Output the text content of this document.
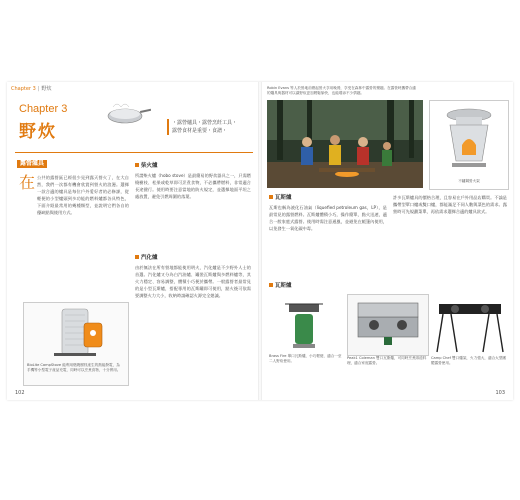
Chapter 3 | 野炊
Chapter 3
野炊	・露營爐具・露營烹飪工具・
露營食材是重要・食譜・
露營爐具
在 公共的露營區已經很少見到露天營火了，在大自然，我們一次都有機會欣賞到營火的浪漫。選擇一款合適的爐具是每位戶外愛好者的必修課，從輕便的小型爐頭到多功能的燃料爐都各具特色，下面介紹最常用的幾種類型，並說明它們各自的優缺點與使用方式。
柴火爐
所謂柴火爐（hobo stove）是最簡易的野炊器具之一，只需燃燒樹枝、松果或乾草即可烹煮食物，不必攜帶燃料，非常適合長途健行。使用時要注意當地的防火規定，並選擇地面平坦之處放置，避免引燃周圍的落葉。
汽化爐
由於無法在所有營地都能使用明火，汽化爐是不少野外人士的首選。汽化爐又分為白汽油爐、罐裝瓦斯爐與多燃料爐等，其火力穩定、容易調整，體積小巧便於攜帶。一般露營者最常見的是小型瓦斯爐，搭配專用的瓦斯罐即可使用，點火後可依需要調整火力大小，收納時請確認火源完全熄滅。
BioLite CampStove 能利用燃燒樹枝產生的熱能發電，為手機等小型電子產品充電，同時可以烹煮食物，十分實用。
102
Robin Evans 等人於營地前燃起營火享用晚餐，享受在森林中露營的樂趣。在露營時攜帶合適的爐具與器材可以讓野炊更加輕鬆愉快，也能增添不少情趣。
不鏽鋼營火架
瓦斯爐
瓦斯也稱為液化石油氣（liquefied petroleum gas，LP），是最常見的露營燃料。瓦斯爐體積小巧，操作簡單，點火迅速，適合一般家庭式露營。使用時需注意通風，並避免在帳篷內使用，以免發生一氧化碳中毒。
許多瓦斯爐具的價格合理，且容易在戶外用品店購買。不論是攜帶型單口爐或雙口爐，都能滿足不同人數與菜色的需求。露營時可先規劃菜單，再依需求選擇合適的爐具款式。
瓦斯爐
Brass Fire 單口瓦斯爐，小巧輕便，適合一至二人野炊使用。
Peak1 Coleman 雙口瓦斯爐，可同時烹煮兩道料理，適合家庭露營。
Camp Chef 雙口爐架，火力強大，適合大型團體露營使用。
103
